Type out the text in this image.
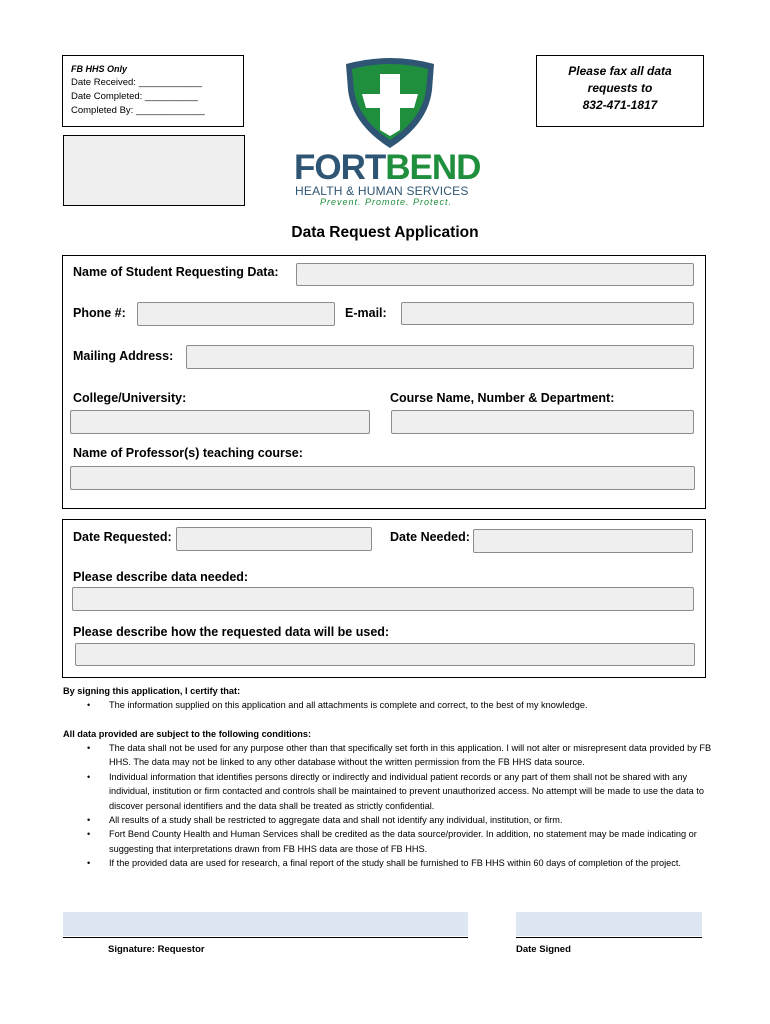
FB HHS Only
Date Received: ____________
Date Completed: __________
Completed By: _____________
Please fax all data
requests to
832-471-1817
FORTBEND
HEALTH & HUMAN SERVICES
Prevent. Promote. Protect.
Data Request Application
Name of Student Requesting Data:
Phone #:	E-mail:
Mailing Address:
College/University:	Course Name, Number & Department:
Name of Professor(s) teaching course:
Date Requested:	Date Needed:
Please describe data needed:
Please describe how the requested data will be used:
By signing this application, I certify that:
• The information supplied on this application and all attachments is complete and correct, to the best of my knowledge.
All data provided are subject to the following conditions:
• The data shall not be used for any purpose other than that specifically set forth in this application. I will not alter or misrepresent data provided by FB HHS. The data may not be linked to any other database without the written permission from the FB HHS data source.
• Individual information that identifies persons directly or indirectly and individual patient records or any part of them shall not be shared with any individual, institution or firm contacted and controls shall be maintained to prevent unauthorized access. No attempt will be made to use the data to discover personal identifiers and the data shall be treated as strictly confidential.
• All results of a study shall be restricted to aggregate data and shall not identify any individual, institution, or firm.
• Fort Bend County Health and Human Services shall be credited as the data source/provider. In addition, no statement may be made indicating or suggesting that interpretations drawn from FB HHS data are those of FB HHS.
• If the provided data are used for research, a final report of the study shall be furnished to FB HHS within 60 days of completion of the project.
Signature: Requestor	Date Signed
